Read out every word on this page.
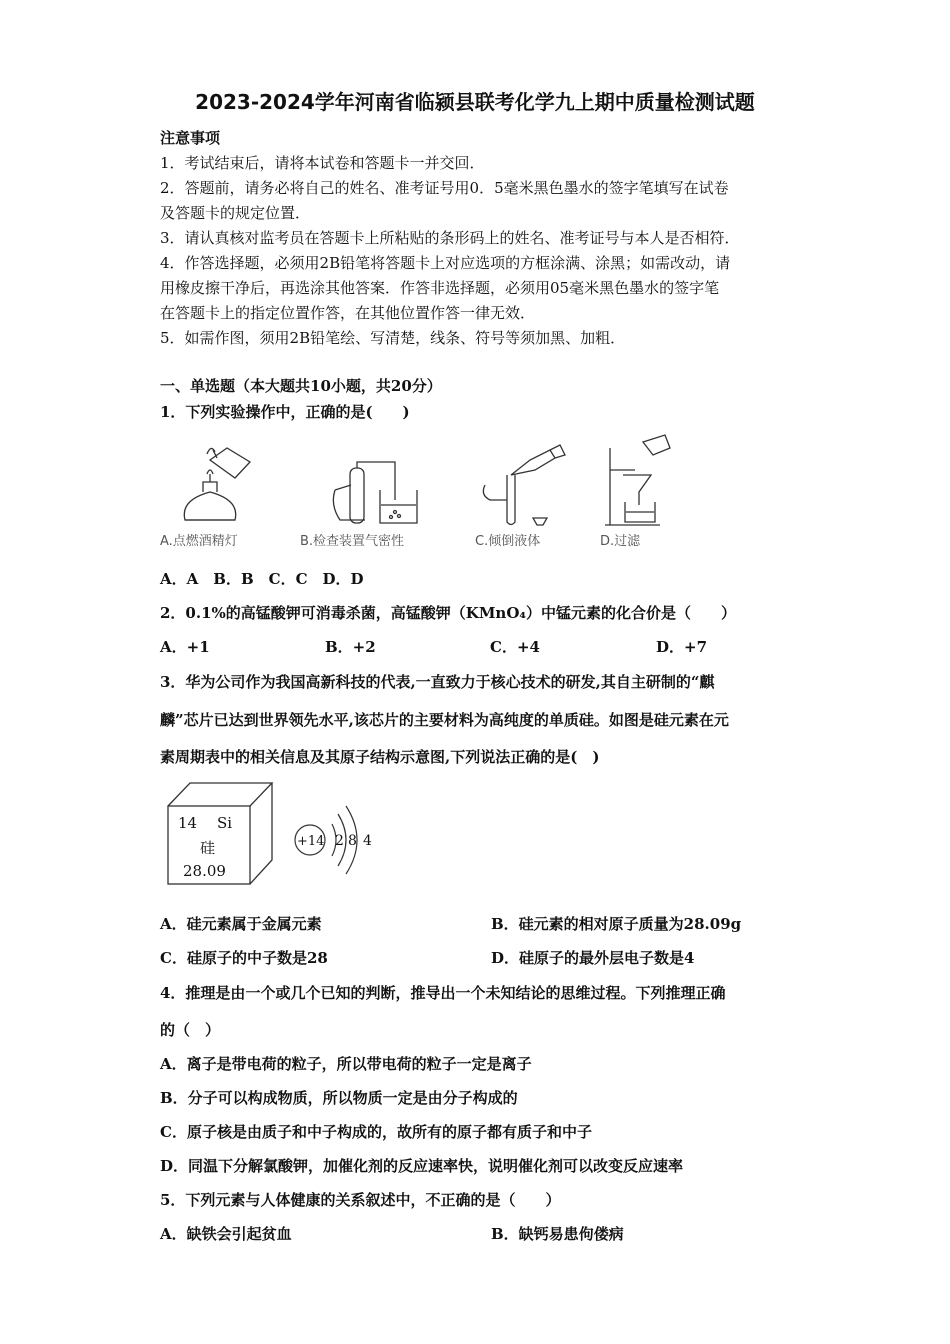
2023-2024学年河南省临颍县联考化学九上期中质量检测试题
注意事项
1．考试结束后，请将本试卷和答题卡一并交回．
2．答题前，请务必将自己的姓名、准考证号用0．5毫米黑色墨水的签字笔填写在试卷
及答题卡的规定位置．
3．请认真核对监考员在答题卡上所粘贴的条形码上的姓名、准考证号与本人是否相符．
4．作答选择题，必须用2B铅笔将答题卡上对应选项的方框涂满、涂黑；如需改动，请
用橡皮擦干净后，再选涂其他答案．作答非选择题，必须用05毫米黑色墨水的签字笔
在答题卡上的指定位置作答，在其他位置作答一律无效．
5．如需作图，须用2B铅笔绘、写清楚，线条、符号等须加黑、加粗．
一、单选题（本大题共10小题，共20分）
1．下列实验操作中，正确的是(　　)
A.点燃酒精灯	B.检查装置气密性	C.倾倒液体	D.过滤
A．A　B．B　C．C　D．D
2．0.1%的高锰酸钾可消毒杀菌，高锰酸钾（KMnO₄）中锰元素的化合价是（　　）
A．+1	B．+2	C．+4	D．+7
3．华为公司作为我国高新科技的代表,一直致力于核心技术的研发,其自主研制的“麒
麟”芯片已达到世界领先水平,该芯片的主要材料为高纯度的单质硅。如图是硅元素在元
素周期表中的相关信息及其原子结构示意图,下列说法正确的是(　)
14 Si
硅
28.09
+14 2 8 4
A．硅元素属于金属元素	B．硅元素的相对原子质量为28.09g
C．硅原子的中子数是28	D．硅原子的最外层电子数是4
4．推理是由一个或几个已知的判断，推导出一个未知结论的思维过程。下列推理正确
的（　）
A．离子是带电荷的粒子，所以带电荷的粒子一定是离子
B．分子可以构成物质，所以物质一定是由分子构成的
C．原子核是由质子和中子构成的，故所有的原子都有质子和中子
D．同温下分解氯酸钾，加催化剂的反应速率快，说明催化剂可以改变反应速率
5．下列元素与人体健康的关系叙述中，不正确的是（　　）
A．缺铁会引起贫血	B．缺钙易患佝偻病
